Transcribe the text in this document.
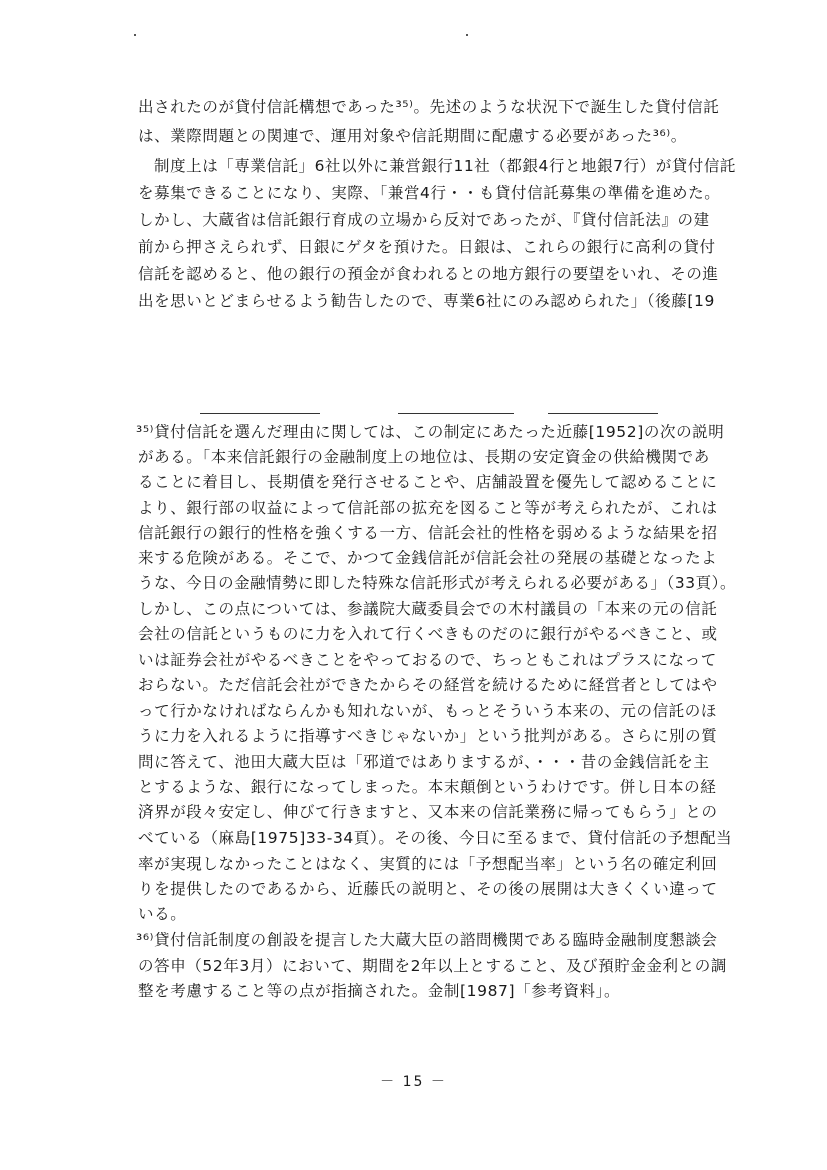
出されたのが貸付信託構想であった³⁵⁾。先述のような状況下で誕生した貸付信託
は、業際問題との関連で、運用対象や信託期間に配慮する必要があった³⁶⁾。
　制度上は「専業信託」6社以外に兼営銀行11社（都銀4行と地銀7行）が貸付信託
を募集できることになり、実際、「兼営4行・・も貸付信託募集の準備を進めた。
しかし、大蔵省は信託銀行育成の立場から反対であったが、『貸付信託法』の建
前から押さえられず、日銀にゲタを預けた。日銀は、これらの銀行に高利の貸付
信託を認めると、他の銀行の預金が食われるとの地方銀行の要望をいれ、その進
出を思いとどまらせるよう勧告したので、専業6社にのみ認められた」（後藤[19
³⁵⁾貸付信託を選んだ理由に関しては、この制定にあたった近藤[1952]の次の説明
がある。「本来信託銀行の金融制度上の地位は、長期の安定資金の供給機関であ
ることに着目し、長期債を発行させることや、店舗設置を優先して認めることに
より、銀行部の収益によって信託部の拡充を図ること等が考えられたが、これは
信託銀行の銀行的性格を強くする一方、信託会社的性格を弱めるような結果を招
来する危険がある。そこで、かつて金銭信託が信託会社の発展の基礎となったよ
うな、今日の金融情勢に即した特殊な信託形式が考えられる必要がある」（33頁）。
しかし、この点については、参議院大蔵委員会での木村議員の「本来の元の信託
会社の信託というものに力を入れて行くべきものだのに銀行がやるべきこと、或
いは証券会社がやるべきことをやっておるので、ちっともこれはプラスになって
おらない。ただ信託会社ができたからその経営を続けるために経営者としてはや
って行かなければならんかも知れないが、もっとそういう本来の、元の信託のほ
うに力を入れるように指導すべきじゃないか」という批判がある。さらに別の質
問に答えて、池田大蔵大臣は「邪道ではありまするが、・・・昔の金銭信託を主
とするような、銀行になってしまった。本末顛倒というわけです。併し日本の経
済界が段々安定し、伸びて行きますと、又本来の信託業務に帰ってもらう」との
べている（麻島[1975]33-34頁）。その後、今日に至るまで、貸付信託の予想配当
率が実現しなかったことはなく、実質的には「予想配当率」という名の確定利回
りを提供したのであるから、近藤氏の説明と、その後の展開は大きくくい違って
いる。
³⁶⁾貸付信託制度の創設を提言した大蔵大臣の諮問機関である臨時金融制度懇談会
の答申（52年3月）において、期間を2年以上とすること、及び預貯金金利との調
整を考慮すること等の点が指摘された。金制[1987]「参考資料」。
－ 15 －
